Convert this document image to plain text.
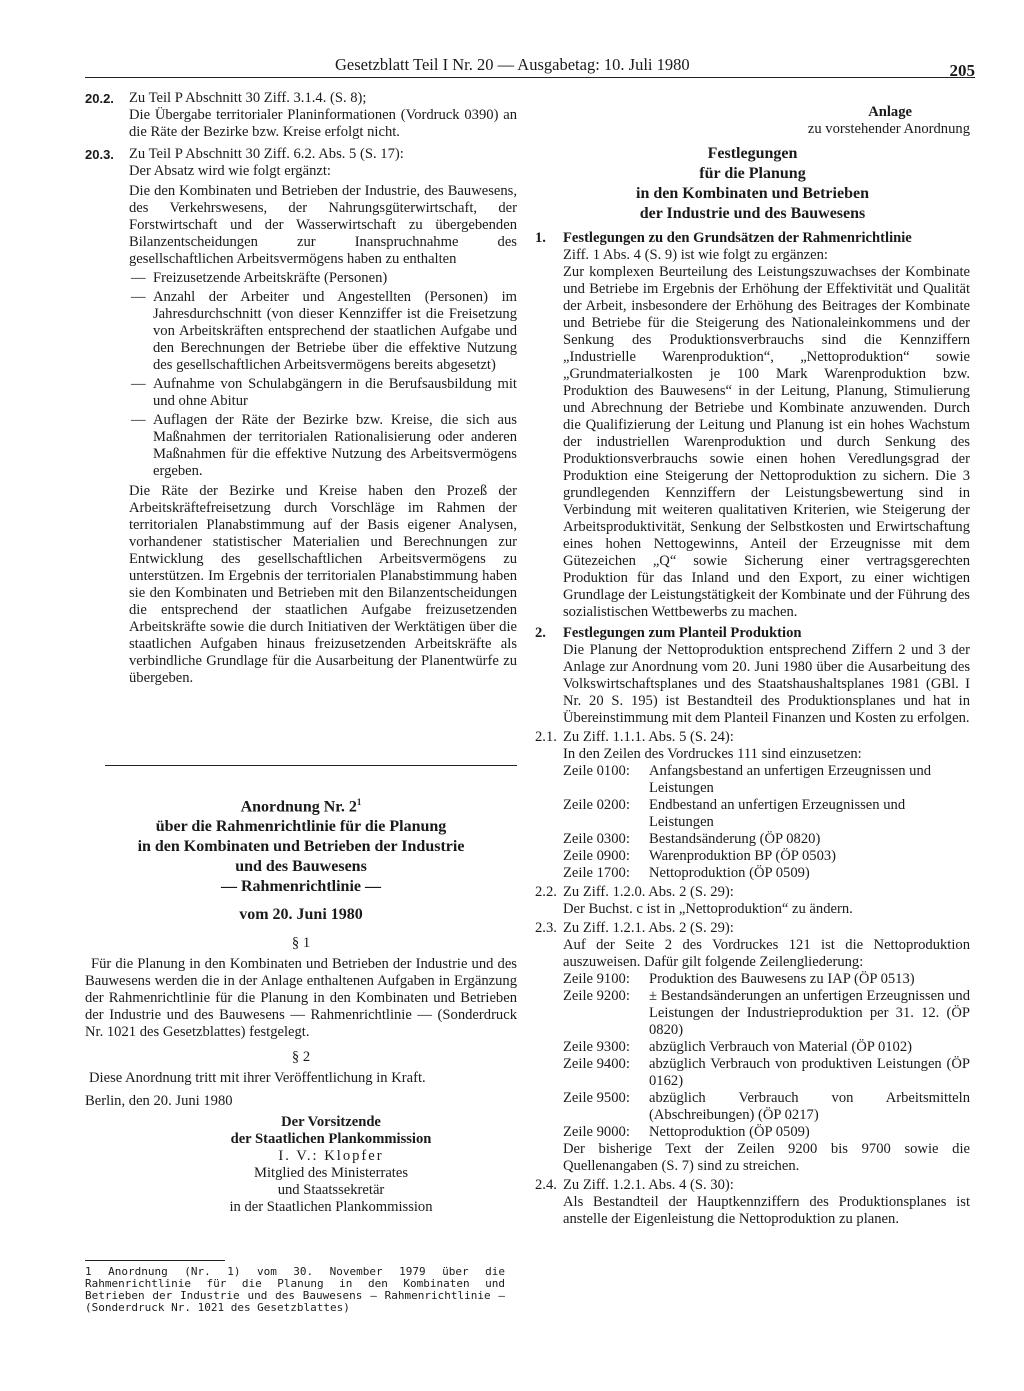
Gesetzblatt Teil I Nr. 20 — Ausgabetag: 10. Juli 1980	205
20.2. Zu Teil P Abschnitt 30 Ziff. 3.1.4. (S. 8);
Die Übergabe territorialer Planinformationen (Vordruck 0390) an die Räte der Bezirke bzw. Kreise erfolgt nicht.
20.3. Zu Teil P Abschnitt 30 Ziff. 6.2. Abs. 5 (S. 17):
Der Absatz wird wie folgt ergänzt:
Die den Kombinaten und Betrieben der Industrie, des Bauwesens, des Verkehrswesens, der Nahrungsgüterwirtschaft, der Forstwirtschaft und der Wasserwirtschaft zu übergebenden Bilanzentscheidungen zur Inanspruchnahme des gesellschaftlichen Arbeitsvermögens haben zu enthalten
— Freizusetzende Arbeitskräfte (Personen)
— Anzahl der Arbeiter und Angestellten (Personen) im Jahresdurchschnitt (von dieser Kennziffer ist die Freisetzung von Arbeitskräften entsprechend der staatlichen Aufgabe und den Berechnungen der Betriebe über die effektive Nutzung des gesellschaftlichen Arbeitsvermögens bereits abgesetzt)
— Aufnahme von Schulabgängern in die Berufsausbildung mit und ohne Abitur
— Auflagen der Räte der Bezirke bzw. Kreise, die sich aus Maßnahmen der territorialen Rationalisierung oder anderen Maßnahmen für die effektive Nutzung des Arbeitsvermögens ergeben.
Die Räte der Bezirke und Kreise haben den Prozeß der Arbeitskräftefreisetzung durch Vorschläge im Rahmen der territorialen Planabstimmung auf der Basis eigener Analysen, vorhandener statistischer Materialien und Berechnungen zur Entwicklung des gesellschaftlichen Arbeitsvermögens zu unterstützen. Im Ergebnis der territorialen Planabstimmung haben sie den Kombinaten und Betrieben mit den Bilanzentscheidungen die entsprechend der staatlichen Aufgabe freizusetzenden Arbeitskräfte sowie die durch Initiativen der Werktätigen über die staatlichen Aufgaben hinaus freizusetzenden Arbeitskräfte als verbindliche Grundlage für die Ausarbeitung der Planentwürfe zu übergeben.
Anordnung Nr. $2^1$
über die Rahmenrichtlinie für die Planung
in den Kombinaten und Betrieben der Industrie
und des Bauwesens
— Rahmenrichtlinie —
vom 20. Juni 1980
§ 1
Für die Planung in den Kombinaten und Betrieben der Industrie und des Bauwesens werden die in der Anlage enthaltenen Aufgaben in Ergänzung der Rahmenrichtlinie für die Planung in den Kombinaten und Betrieben der Industrie und des Bauwesens — Rahmenrichtlinie — (Sonderdruck Nr. 1021 des Gesetzblattes) festgelegt.
§ 2
Diese Anordnung tritt mit ihrer Veröffentlichung in Kraft.
Berlin, den 20. Juni 1980
Der Vorsitzende
der Staatlichen Plankommission
I. V.: Klopfer
Mitglied des Ministerrates
und Staatssekretär
in der Staatlichen Plankommission
1 Anordnung (Nr. 1) vom 30. November 1979 über die Rahmenrichtlinie für die Planung in den Kombinaten und Betrieben der Industrie und des Bauwesens — Rahmenrichtlinie — (Sonderdruck Nr. 1021 des Gesetzblattes)
Anlage
zu vorstehender Anordnung
Festlegungen
für die Planung
in den Kombinaten und Betrieben
der Industrie und des Bauwesens
1. Festlegungen zu den Grundsätzen der Rahmenrichtlinie
Ziff. 1 Abs. 4 (S. 9) ist wie folgt zu ergänzen:
Zur komplexen Beurteilung des Leistungszuwachses der Kombinate und Betriebe im Ergebnis der Erhöhung der Effektivität und Qualität der Arbeit, insbesondere der Erhöhung des Beitrages der Kombinate und Betriebe für die Steigerung des Nationaleinkommens und der Senkung des Produktionsverbrauchs sind die Kennziffern „Industrielle Warenproduktion“, „Nettoproduktion“ sowie „Grundmaterialkosten je 100 Mark Warenproduktion bzw. Produktion des Bauwesens“ in der Leitung, Planung, Stimulierung und Abrechnung der Betriebe und Kombinate anzuwenden. Durch die Qualifizierung der Leitung und Planung ist ein hohes Wachstum der industriellen Warenproduktion und durch Senkung des Produktionsverbrauchs sowie einen hohen Veredlungsgrad der Produktion eine Steigerung der Nettoproduktion zu sichern. Die 3 grundlegenden Kennziffern der Leistungsbewertung sind in Verbindung mit weiteren qualitativen Kriterien, wie Steigerung der Arbeitsproduktivität, Senkung der Selbstkosten und Erwirtschaftung eines hohen Nettogewinns, Anteil der Erzeugnisse mit dem Gütezeichen „Q“ sowie Sicherung einer vertragsgerechten Produktion für das Inland und den Export, zu einer wichtigen Grundlage der Leistungstätigkeit der Kombinate und der Führung des sozialistischen Wettbewerbs zu machen.
2. Festlegungen zum Planteil Produktion
Die Planung der Nettoproduktion entsprechend Ziffern 2 und 3 der Anlage zur Anordnung vom 20. Juni 1980 über die Ausarbeitung des Volkswirtschaftsplanes und des Staatshaushaltsplanes 1981 (GBl. I Nr. 20 S. 195) ist Bestandteil des Produktionsplanes und hat in Übereinstimmung mit dem Planteil Finanzen und Kosten zu erfolgen.
2.1. Zu Ziff. 1.1.1. Abs. 5 (S. 24):
In den Zeilen des Vordruckes 111 sind einzusetzen:
Zeile 0100:	Anfangsbestand an unfertigen Erzeugnissen und Leistungen
Zeile 0200:	Endbestand an unfertigen Erzeugnissen und Leistungen
Zeile 0300:	Bestandsänderung (ÖP 0820)
Zeile 0900:	Warenproduktion BP (ÖP 0503)
Zeile 1700:	Nettoproduktion (ÖP 0509)
2.2. Zu Ziff. 1.2.0. Abs. 2 (S. 29):
Der Buchst. c ist in „Nettoproduktion“ zu ändern.
2.3. Zu Ziff. 1.2.1. Abs. 2 (S. 29):
Auf der Seite 2 des Vordruckes 121 ist die Nettoproduktion auszuweisen. Dafür gilt folgende Zeilengliederung:
Zeile 9100:	Produktion des Bauwesens zu IAP (ÖP 0513)
Zeile 9200:	± Bestandsänderungen an unfertigen Erzeugnissen und Leistungen der Industrieproduktion per 31. 12. (ÖP 0820)
Zeile 9300:	abzüglich Verbrauch von Material (ÖP 0102)
Zeile 9400:	abzüglich Verbrauch von produktiven Leistungen (ÖP 0162)
Zeile 9500:	abzüglich Verbrauch von Arbeitsmitteln (Abschreibungen) (ÖP 0217)
Zeile 9000:	Nettoproduktion (ÖP 0509)
Der bisherige Text der Zeilen 9200 bis 9700 sowie die Quellenangaben (S. 7) sind zu streichen.
2.4. Zu Ziff. 1.2.1. Abs. 4 (S. 30):
Als Bestandteil der Hauptkennziffern des Produktionsplanes ist anstelle der Eigenleistung die Nettoproduktion zu planen.
